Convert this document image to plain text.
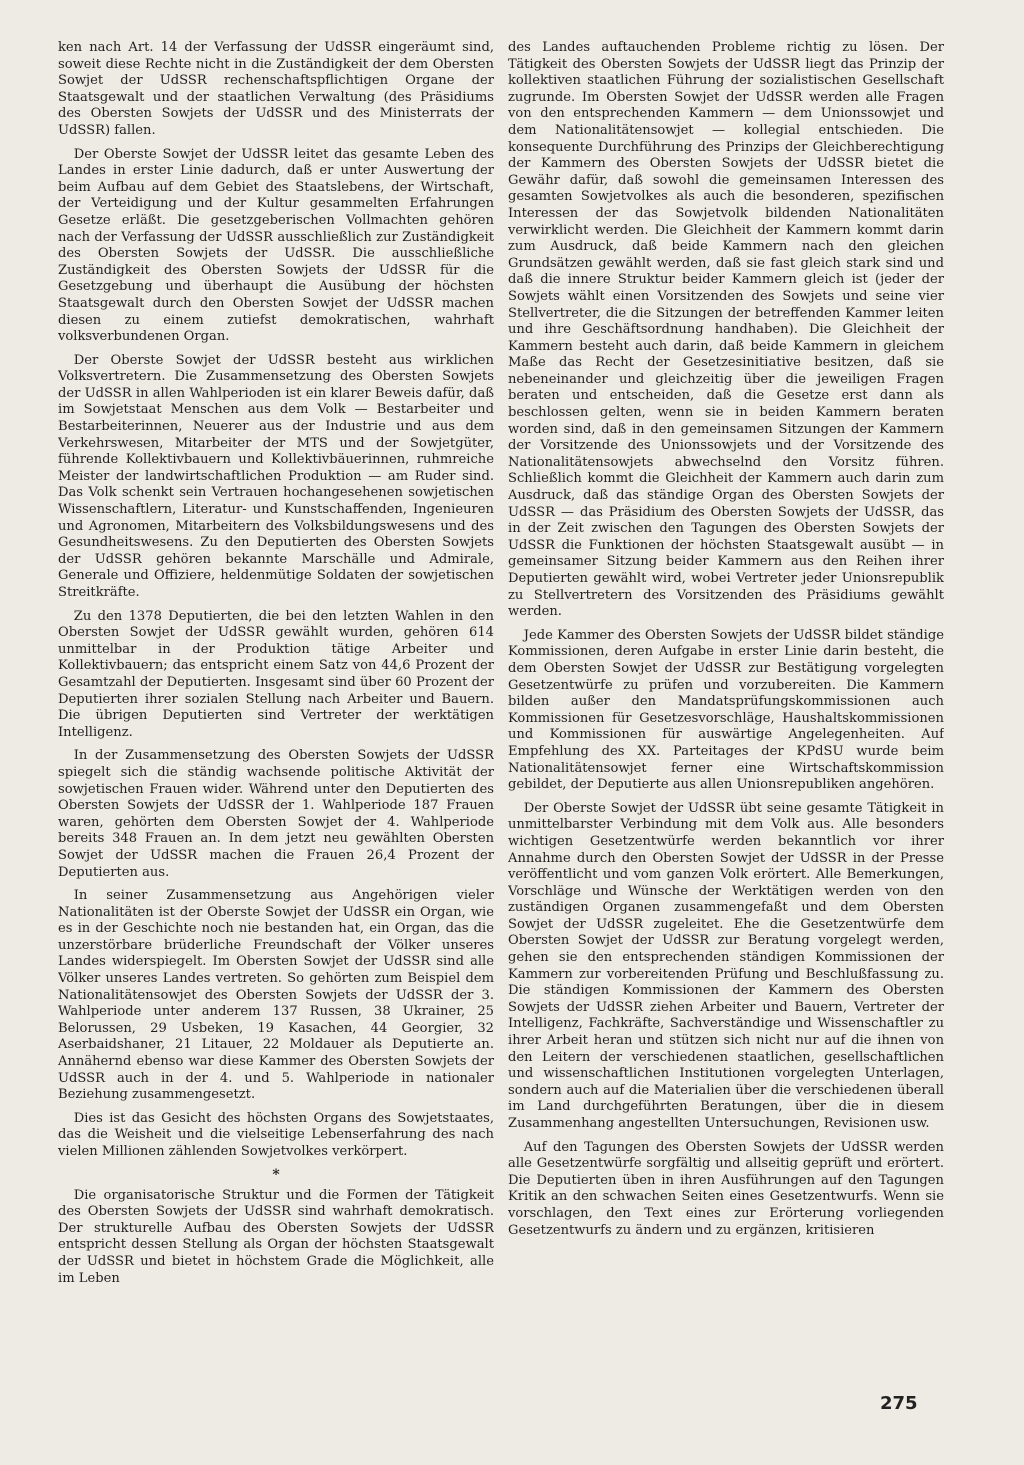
ken nach Art. 14 der Verfassung der UdSSR eingeräumt sind, soweit diese Rechte nicht in die Zuständigkeit der dem Obersten Sowjet der UdSSR rechenschaftspflichtigen Organe der Staatsgewalt und der staatlichen Verwaltung (des Präsidiums des Obersten Sowjets der UdSSR und des Ministerrats der UdSSR) fallen.

Der Oberste Sowjet der UdSSR leitet das gesamte Leben des Landes in erster Linie dadurch, daß er unter Auswertung der beim Aufbau auf dem Gebiet des Staatslebens, der Wirtschaft, der Verteidigung und der Kultur gesammelten Erfahrungen Gesetze erläßt. Die gesetzgeberischen Vollmachten gehören nach der Verfassung der UdSSR ausschließlich zur Zuständigkeit des Obersten Sowjets der UdSSR. Die ausschließliche Zuständigkeit des Obersten Sowjets der UdSSR für die Gesetzgebung und überhaupt die Ausübung der höchsten Staatsgewalt durch den Obersten Sowjet der UdSSR machen diesen zu einem zutiefst demokratischen, wahrhaft volksverbundenen Organ.

Der Oberste Sowjet der UdSSR besteht aus wirklichen Volksvertretern. Die Zusammensetzung des Obersten Sowjets der UdSSR in allen Wahlperioden ist ein klarer Beweis dafür, daß im Sowjetstaat Menschen aus dem Volk — Bestarbeiter und Bestarbeiterinnen, Neuerer aus der Industrie und aus dem Verkehrswesen, Mitarbeiter der MTS und der Sowjetgüter, führende Kollektivbauern und Kollektivbäuerinnen, ruhmreiche Meister der landwirtschaftlichen Produktion — am Ruder sind. Das Volk schenkt sein Vertrauen hochangesehenen sowjetischen Wissenschaftlern, Literatur- und Kunstschaffenden, Ingenieuren und Agronomen, Mitarbeitern des Volksbildungswesens und des Gesundheitswesens. Zu den Deputierten des Obersten Sowjets der UdSSR gehören bekannte Marschälle und Admirale, Generale und Offiziere, heldenmütige Soldaten der sowjetischen Streitkräfte.

Zu den 1378 Deputierten, die bei den letzten Wahlen in den Obersten Sowjet der UdSSR gewählt wurden, gehören 614 unmittelbar in der Produktion tätige Arbeiter und Kollektivbauern; das entspricht einem Satz von 44,6 Prozent der Gesamtzahl der Deputierten. Insgesamt sind über 60 Prozent der Deputierten ihrer sozialen Stellung nach Arbeiter und Bauern. Die übrigen Deputierten sind Vertreter der werktätigen Intelligenz.

In der Zusammensetzung des Obersten Sowjets der UdSSR spiegelt sich die ständig wachsende politische Aktivität der sowjetischen Frauen wider. Während unter den Deputierten des Obersten Sowjets der UdSSR der 1. Wahlperiode 187 Frauen waren, gehörten dem Obersten Sowjet der 4. Wahlperiode bereits 348 Frauen an. In dem jetzt neu gewählten Obersten Sowjet der UdSSR machen die Frauen 26,4 Prozent der Deputierten aus.

In seiner Zusammensetzung aus Angehörigen vieler Nationalitäten ist der Oberste Sowjet der UdSSR ein Organ, wie es in der Geschichte noch nie bestanden hat, ein Organ, das die unzerstörbare brüderliche Freundschaft der Völker unseres Landes widerspiegelt. Im Obersten Sowjet der UdSSR sind alle Völker unseres Landes vertreten. So gehörten zum Beispiel dem Nationalitätensowjet des Obersten Sowjets der UdSSR der 3. Wahlperiode unter anderem 137 Russen, 38 Ukrainer, 25 Belorussen, 29 Usbeken, 19 Kasachen, 44 Georgier, 32 Aserbaidshaner, 21 Litauer, 22 Moldauer als Deputierte an. Annähernd ebenso war diese Kammer des Obersten Sowjets der UdSSR auch in der 4. und 5. Wahlperiode in nationaler Beziehung zusammengesetzt.

Dies ist das Gesicht des höchsten Organs des Sowjetstaates, das die Weisheit und die vielseitige Lebenserfahrung des nach vielen Millionen zählenden Sowjetvolkes verkörpert.

*

Die organisatorische Struktur und die Formen der Tätigkeit des Obersten Sowjets der UdSSR sind wahrhaft demokratisch. Der strukturelle Aufbau des Obersten Sowjets der UdSSR entspricht dessen Stellung als Organ der höchsten Staatsgewalt der UdSSR und bietet in höchstem Grade die Möglichkeit, alle im Leben

des Landes auftauchenden Probleme richtig zu lösen. Der Tätigkeit des Obersten Sowjets der UdSSR liegt das Prinzip der kollektiven staatlichen Führung der sozialistischen Gesellschaft zugrunde. Im Obersten Sowjet der UdSSR werden alle Fragen von den entsprechenden Kammern — dem Unionssowjet und dem Nationalitätensowjet — kollegial entschieden. Die konsequente Durchführung des Prinzips der Gleichberechtigung der Kammern des Obersten Sowjets der UdSSR bietet die Gewähr dafür, daß sowohl die gemeinsamen Interessen des gesamten Sowjetvolkes als auch die besonderen, spezifischen Interessen der das Sowjetvolk bildenden Nationalitäten verwirklicht werden. Die Gleichheit der Kammern kommt darin zum Ausdruck, daß beide Kammern nach den gleichen Grundsätzen gewählt werden, daß sie fast gleich stark sind und daß die innere Struktur beider Kammern gleich ist (jeder der Sowjets wählt einen Vorsitzenden des Sowjets und seine vier Stellvertreter, die die Sitzungen der betreffenden Kammer leiten und ihre Geschäftsordnung handhaben). Die Gleichheit der Kammern besteht auch darin, daß beide Kammern in gleichem Maße das Recht der Gesetzesinitiative besitzen, daß sie nebeneinander und gleichzeitig über die jeweiligen Fragen beraten und entscheiden, daß die Gesetze erst dann als beschlossen gelten, wenn sie in beiden Kammern beraten worden sind, daß in den gemeinsamen Sitzungen der Kammern der Vorsitzende des Unionssowjets und der Vorsitzende des Nationalitätensowjets abwechselnd den Vorsitz führen. Schließlich kommt die Gleichheit der Kammern auch darin zum Ausdruck, daß das ständige Organ des Obersten Sowjets der UdSSR — das Präsidium des Obersten Sowjets der UdSSR, das in der Zeit zwischen den Tagungen des Obersten Sowjets der UdSSR die Funktionen der höchsten Staatsgewalt ausübt — in gemeinsamer Sitzung beider Kammern aus den Reihen ihrer Deputierten gewählt wird, wobei Vertreter jeder Unionsrepublik zu Stellvertretern des Vorsitzenden des Präsidiums gewählt werden.

Jede Kammer des Obersten Sowjets der UdSSR bildet ständige Kommissionen, deren Aufgabe in erster Linie darin besteht, die dem Obersten Sowjet der UdSSR zur Bestätigung vorgelegten Gesetzentwürfe zu prüfen und vorzubereiten. Die Kammern bilden außer den Mandatsprüfungskommissionen auch Kommissionen für Gesetzesvorschläge, Haushaltskommissionen und Kommissionen für auswärtige Angelegenheiten. Auf Empfehlung des XX. Parteitages der KPdSU wurde beim Nationalitätensowjet ferner eine Wirtschaftskommission gebildet, der Deputierte aus allen Unionsrepubliken angehören.

Der Oberste Sowjet der UdSSR übt seine gesamte Tätigkeit in unmittelbarster Verbindung mit dem Volk aus. Alle besonders wichtigen Gesetzentwürfe werden bekanntlich vor ihrer Annahme durch den Obersten Sowjet der UdSSR in der Presse veröffentlicht und vom ganzen Volk erörtert. Alle Bemerkungen, Vorschläge und Wünsche der Werktätigen werden von den zuständigen Organen zusammengefaßt und dem Obersten Sowjet der UdSSR zugeleitet. Ehe die Gesetzentwürfe dem Obersten Sowjet der UdSSR zur Beratung vorgelegt werden, gehen sie den entsprechenden ständigen Kommissionen der Kammern zur vorbereitenden Prüfung und Beschlußfassung zu. Die ständigen Kommissionen der Kammern des Obersten Sowjets der UdSSR ziehen Arbeiter und Bauern, Vertreter der Intelligenz, Fachkräfte, Sachverständige und Wissenschaftler zu ihrer Arbeit heran und stützen sich nicht nur auf die ihnen von den Leitern der verschiedenen staatlichen, gesellschaftlichen und wissenschaftlichen Institutionen vorgelegten Unterlagen, sondern auch auf die Materialien über die verschiedenen überall im Land durchgeführten Beratungen, über die in diesem Zusammenhang angestellten Untersuchungen, Revisionen usw.

Auf den Tagungen des Obersten Sowjets der UdSSR werden alle Gesetzentwürfe sorgfältig und allseitig geprüft und erörtert. Die Deputierten üben in ihren Ausführungen auf den Tagungen Kritik an den schwachen Seiten eines Gesetzentwurfs. Wenn sie vorschlagen, den Text eines zur Erörterung vorliegenden Gesetzentwurfs zu ändern und zu ergänzen, kritisieren

275
